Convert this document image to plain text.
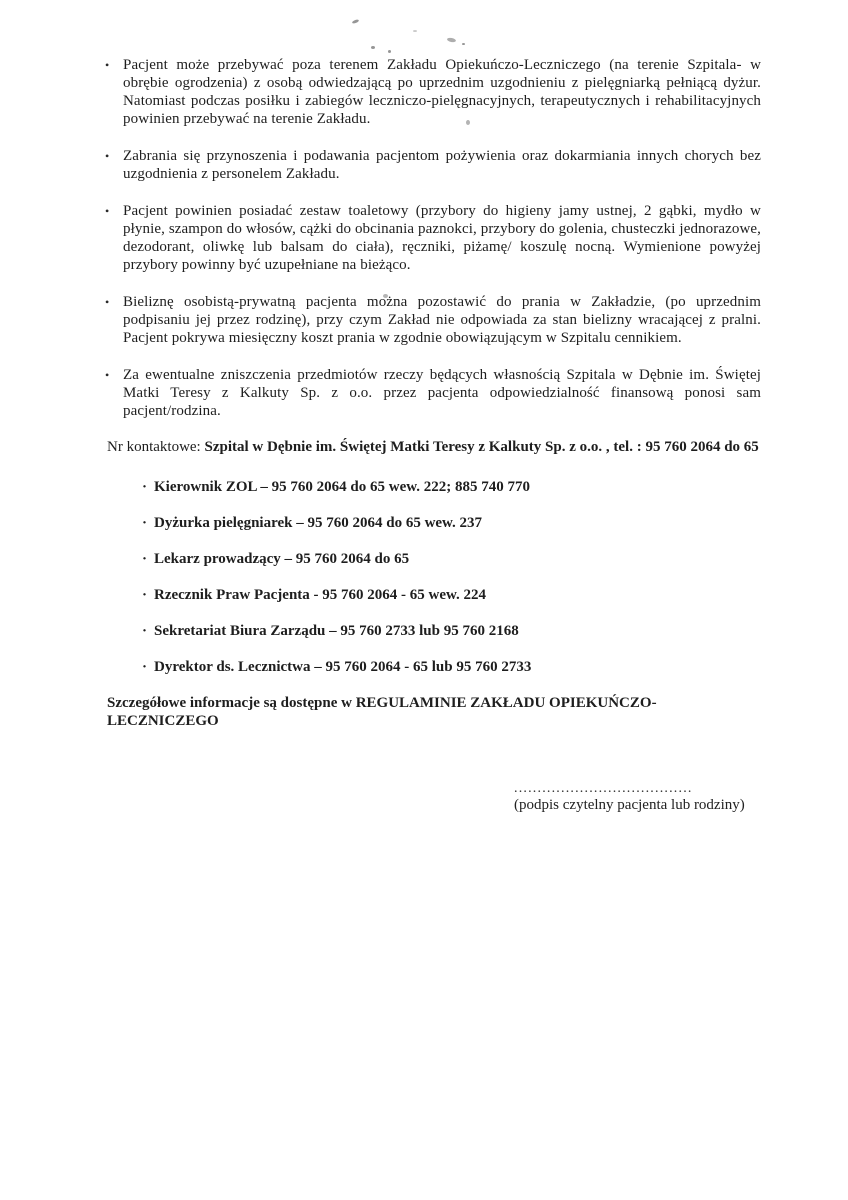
• Pacjent może przebywać poza terenem Zakładu Opiekuńczo-Leczniczego (na terenie Szpitala- w obrębie ogrodzenia) z osobą odwiedzającą po uprzednim uzgodnieniu z pielęgniarką pełniącą dyżur. Natomiast podczas posiłku i zabiegów leczniczo-pielęgnacyjnych, terapeutycznych i rehabilitacyjnych powinien przebywać na terenie Zakładu.
• Zabrania się przynoszenia i podawania pacjentom pożywienia oraz dokarmiania innych chorych bez uzgodnienia z personelem Zakładu.
• Pacjent powinien posiadać zestaw toaletowy (przybory do higieny jamy ustnej, 2 gąbki, mydło w płynie, szampon do włosów, cążki do obcinania paznokci, przybory do golenia, chusteczki jednorazowe, dezodorant, oliwkę lub balsam do ciała), ręczniki, piżamę/ koszulę nocną. Wymienione powyżej przybory powinny być uzupełniane na bieżąco.
• Bieliznę osobistą-prywatną pacjenta można pozostawić do prania w Zakładzie, (po uprzednim podpisaniu jej przez rodzinę), przy czym Zakład nie odpowiada za stan bielizny wracającej z pralni. Pacjent pokrywa miesięczny koszt prania w zgodnie obowiązującym w Szpitalu cennikiem.
• Za ewentualne zniszczenia przedmiotów rzeczy będących własnością Szpitala w Dębnie im. Świętej Matki Teresy z Kalkuty Sp. z o.o. przez pacjenta odpowiedzialność finansową ponosi sam pacjent/rodzina.
Nr kontaktowe: Szpital w Dębnie im. Świętej Matki Teresy z Kalkuty Sp. z o.o. , tel. : 95 760 2064 do 65
· Kierownik ZOL – 95 760 2064 do 65 wew. 222; 885 740 770
· Dyżurka pielęgniarek – 95 760 2064 do 65 wew. 237
· Lekarz prowadzący – 95 760 2064 do 65
· Rzecznik Praw Pacjenta - 95 760 2064 - 65 wew. 224
· Sekretariat Biura Zarządu – 95 760 2733 lub 95 760 2168
· Dyrektor ds. Lecznictwa – 95 760 2064 - 65 lub 95 760 2733
Szczegółowe informacje są dostępne w REGULAMINIE ZAKŁADU OPIEKUŃCZO-LECZNICZEGO
......................................
(podpis czytelny pacjenta lub rodziny)
